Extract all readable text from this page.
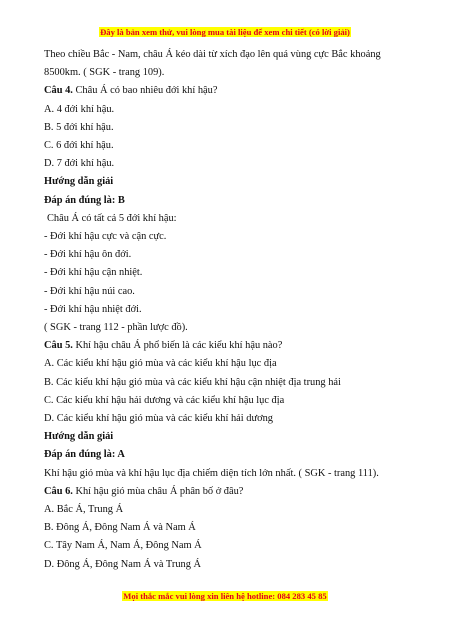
Đây là bản xem thử, vui lòng mua tài liệu để xem chi tiết (có lời giải)
Theo chiều Bắc - Nam, châu Á kéo dài từ xích đạo lên quá vùng cực Bắc khoảng 8500km. ( SGK - trang 109).
Câu 4. Châu Á có bao nhiêu đới khí hậu?
A. 4 đới khí hậu.
B. 5 đới khí hậu.
C. 6 đới khí hậu.
D. 7 đới khí hậu.
Hướng dẫn giải
Đáp án đúng là: B
Châu Á có tất cả 5 đới khí hậu:
- Đới khí hậu cực và cận cực.
- Đới khí hậu ôn đới.
- Đới khí hậu cận nhiệt.
- Đới khí hậu núi cao.
- Đới khí hậu nhiệt đới.
( SGK - trang 112 - phần lược đồ).
Câu 5. Khí hậu châu Á phổ biến là các kiểu khí hậu nào?
A. Các kiểu khí hậu gió mùa và các kiểu khí hậu lục địa
B. Các kiểu khí hậu gió mùa và các kiểu khí hậu cận nhiệt địa trung hải
C. Các kiểu khí hậu hải dương và các kiểu khí hậu lục địa
D. Các kiểu khí hậu gió mùa và các kiểu khí hải dương
Hướng dẫn giải
Đáp án đúng là: A
Khí hậu gió mùa và khí hậu lục địa chiếm diện tích lớn nhất. ( SGK - trang 111).
Câu 6. Khí hậu gió mùa châu Á phân bố ở đâu?
A. Bắc Á, Trung Á
B. Đông Á, Đông Nam Á và Nam Á
C. Tây Nam Á, Nam Á, Đông Nam Á
D. Đông Á, Đông Nam Á và Trung Á
Mọi thắc mắc vui lòng xin liên hệ hotline: 084 283 45 85
